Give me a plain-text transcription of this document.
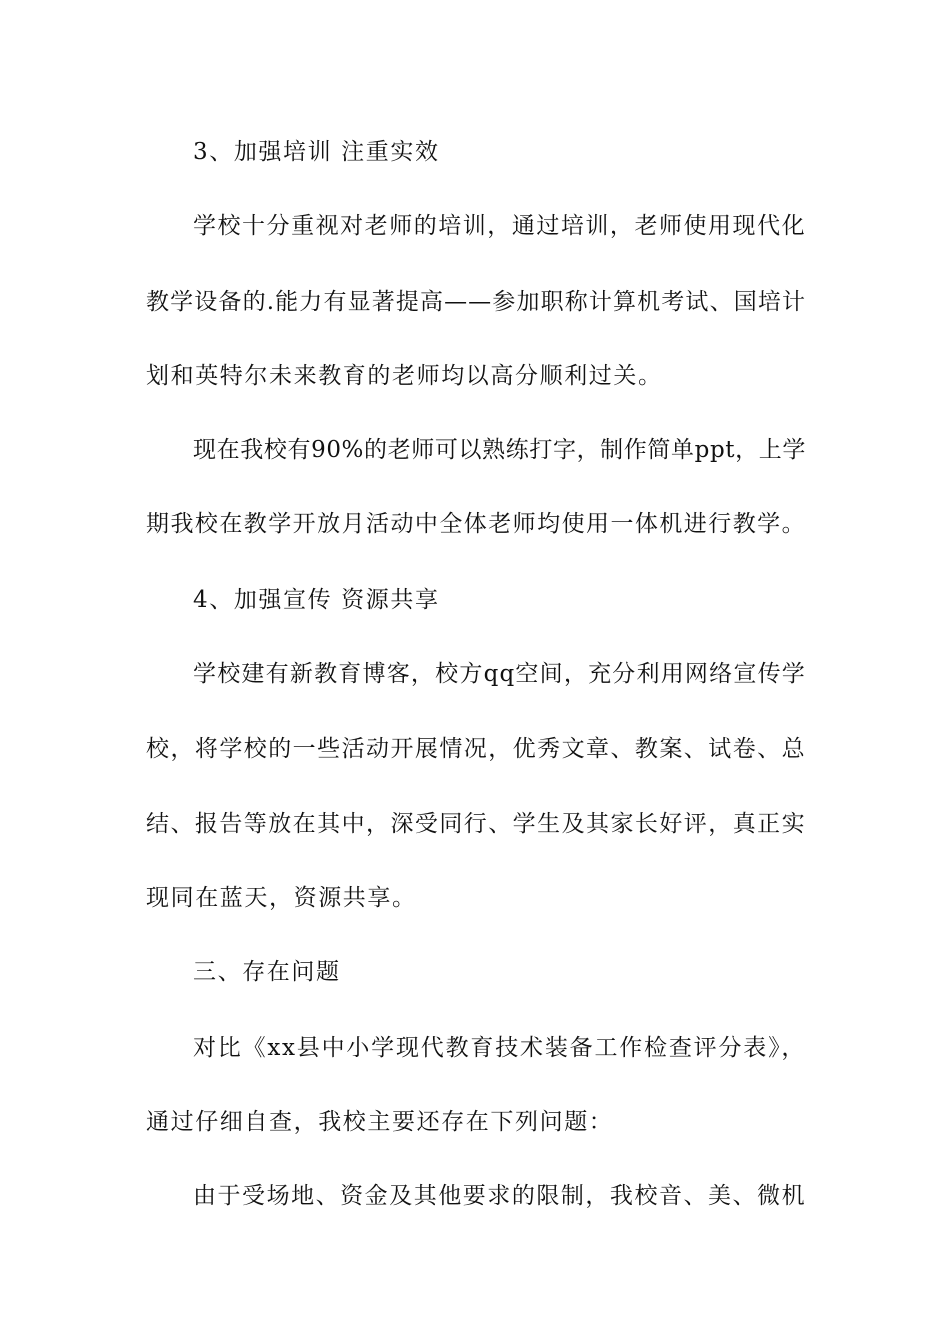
3、加强培训 注重实效
学校十分重视对老师的培训，通过培训，老师使用现代化
教学设备的.能力有显著提高——参加职称计算机考试、国培计
划和英特尔未来教育的老师均以高分顺利过关。
现在我校有90%的老师可以熟练打字，制作简单ppt，上学
期我校在教学开放月活动中全体老师均使用一体机进行教学。
4、加强宣传 资源共享
学校建有新教育博客，校方qq空间，充分利用网络宣传学
校，将学校的一些活动开展情况，优秀文章、教案、试卷、总
结、报告等放在其中，深受同行、学生及其家长好评，真正实
现同在蓝天，资源共享。
三、存在问题
对比《xx县中小学现代教育技术装备工作检查评分表》，
通过仔细自查，我校主要还存在下列问题：
由于受场地、资金及其他要求的限制，我校音、美、微机
